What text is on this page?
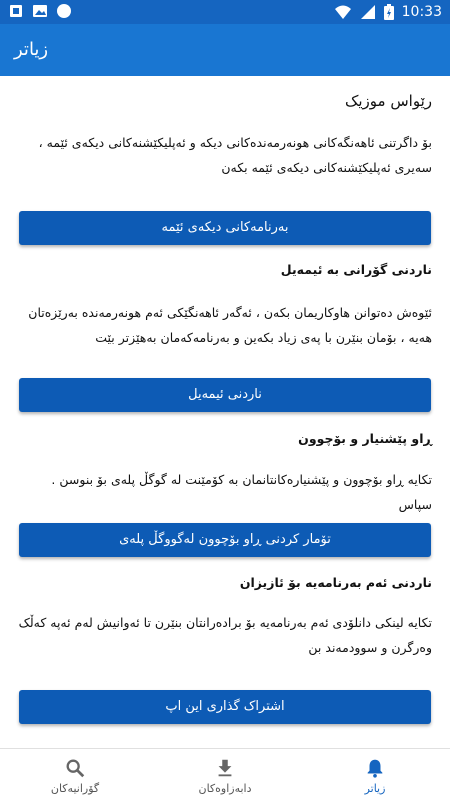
10:33
زیاتر
رێواس موزیک
بۆ داگرتنی ئاهەنگەکانی هونەرمەندەکانی دیکە و ئەپلیکێشنەکانی دیکەی ئێمە ، سەیری ئەپلیکێشنەکانی دیکەی ئێمە بکەن
بەرنامەکانی دیکەی ئێمە
ناردنی گۆرانی بە ئیمەیل
ئێوەش دەتوانن هاوکاریمان بکەن ، ئەگەر ئاهەنگێکی ئەم هونەرمەندە بەرێزەتان هەیە ، بۆمان بنێرن با پەی زیاد بکەین و بەرنامەکەمان بەهێزتر بێت
ناردنی ئیمەیل
ڕاو پێشنیار و بۆچوون
تکایە ڕاو بۆچوون و پێشنیارەکانتانمان بە کۆمێنت لە گوگڵ پلەی بۆ بنوسن . سپاس
تۆمار کردنی ڕاو بۆچوون لەگووگڵ پلەی
ناردنی ئەم بەرنامەیە بۆ ئازیزان
تکایە لینکی دانلۆدی ئەم بەرنامەیە بۆ برادەرانتان بنێرن تا ئەوانیش لەم ئەپە کەڵک وەرگرن و سوودمەند بن
اشتراک گذاری این اپ
گۆرانیەکان	دابەزاوەکان	زیاتر
